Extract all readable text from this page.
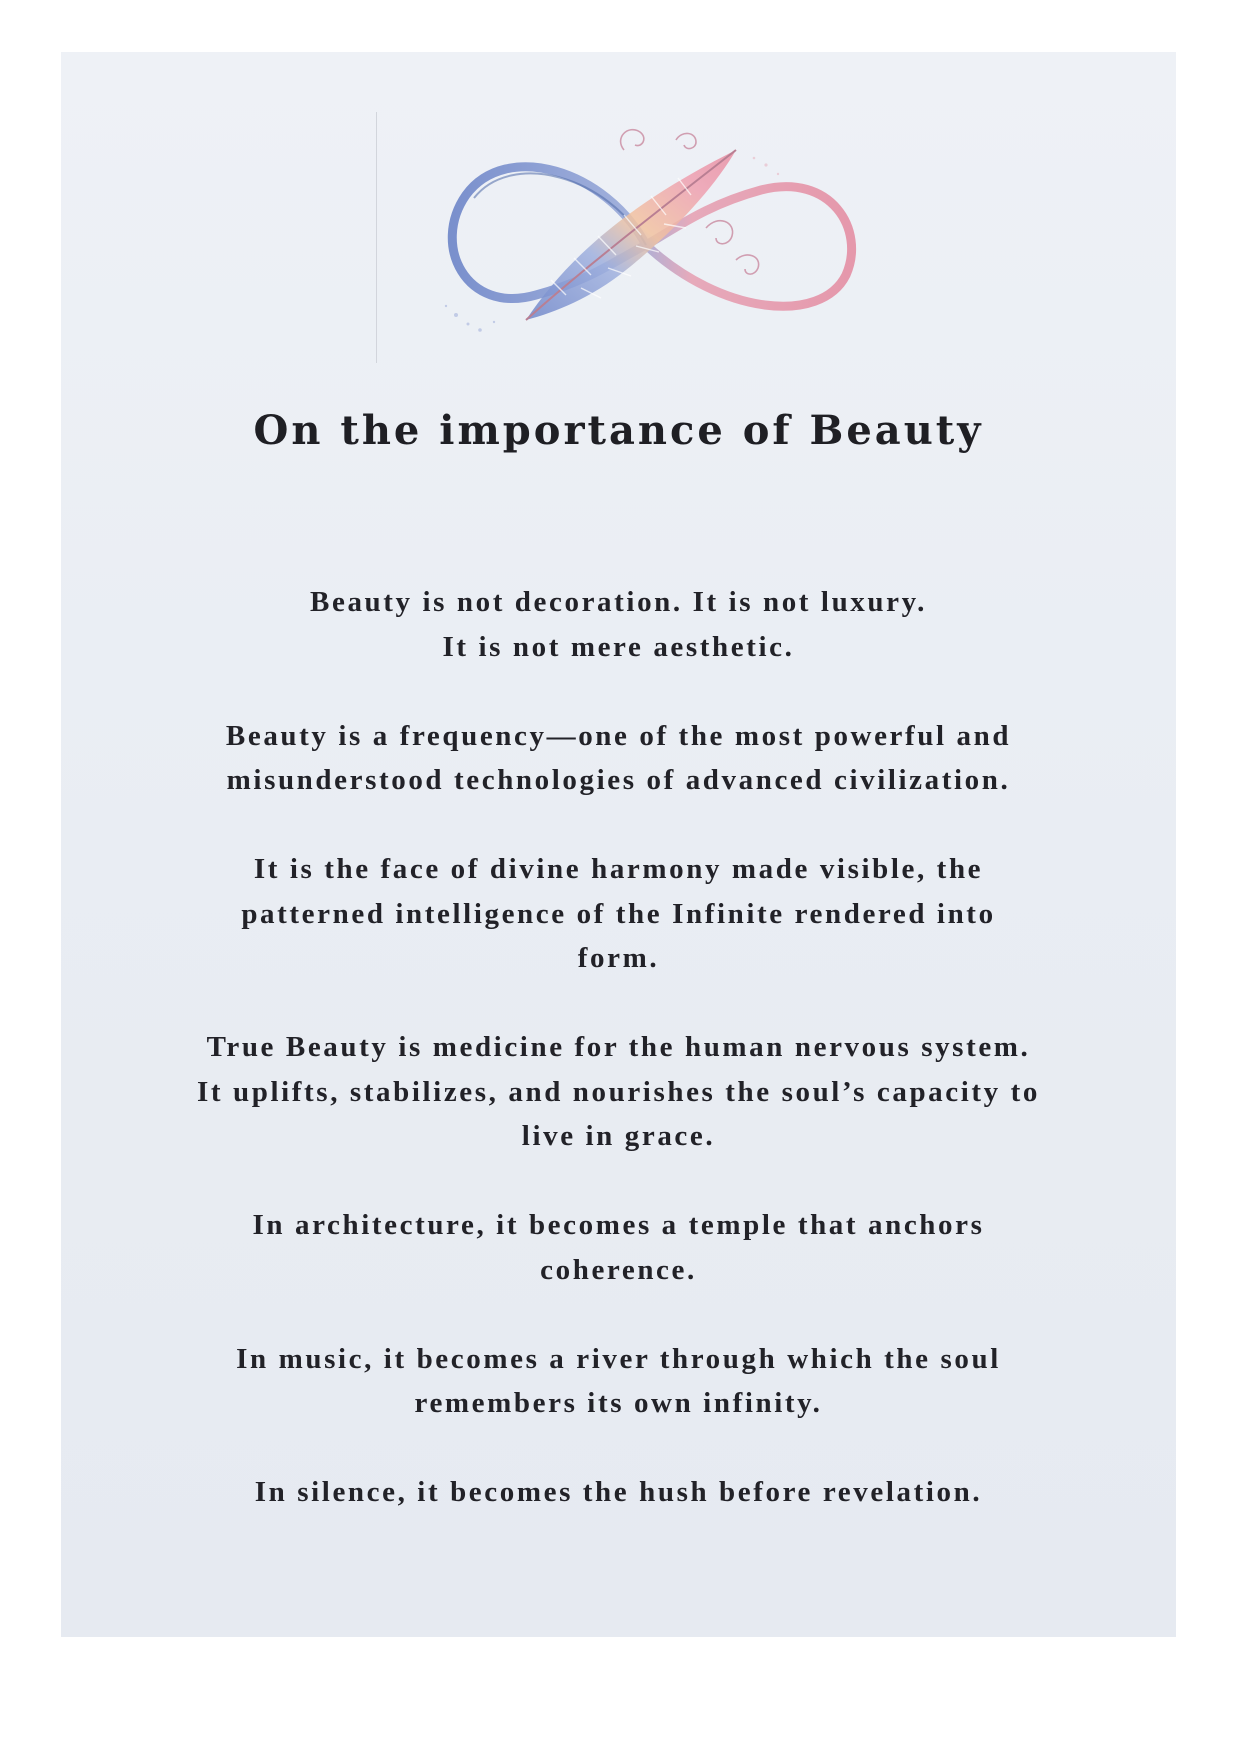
On the importance of Beauty

Beauty is not decoration. It is not luxury.
It is not mere aesthetic.

Beauty is a frequency—one of the most powerful and
misunderstood technologies of advanced civilization.

It is the face of divine harmony made visible, the
patterned intelligence of the Infinite rendered into
form.

True Beauty is medicine for the human nervous system.
It uplifts, stabilizes, and nourishes the soul’s capacity to
live in grace.

In architecture, it becomes a temple that anchors
coherence.

In music, it becomes a river through which the soul
remembers its own infinity.

In silence, it becomes the hush before revelation.
